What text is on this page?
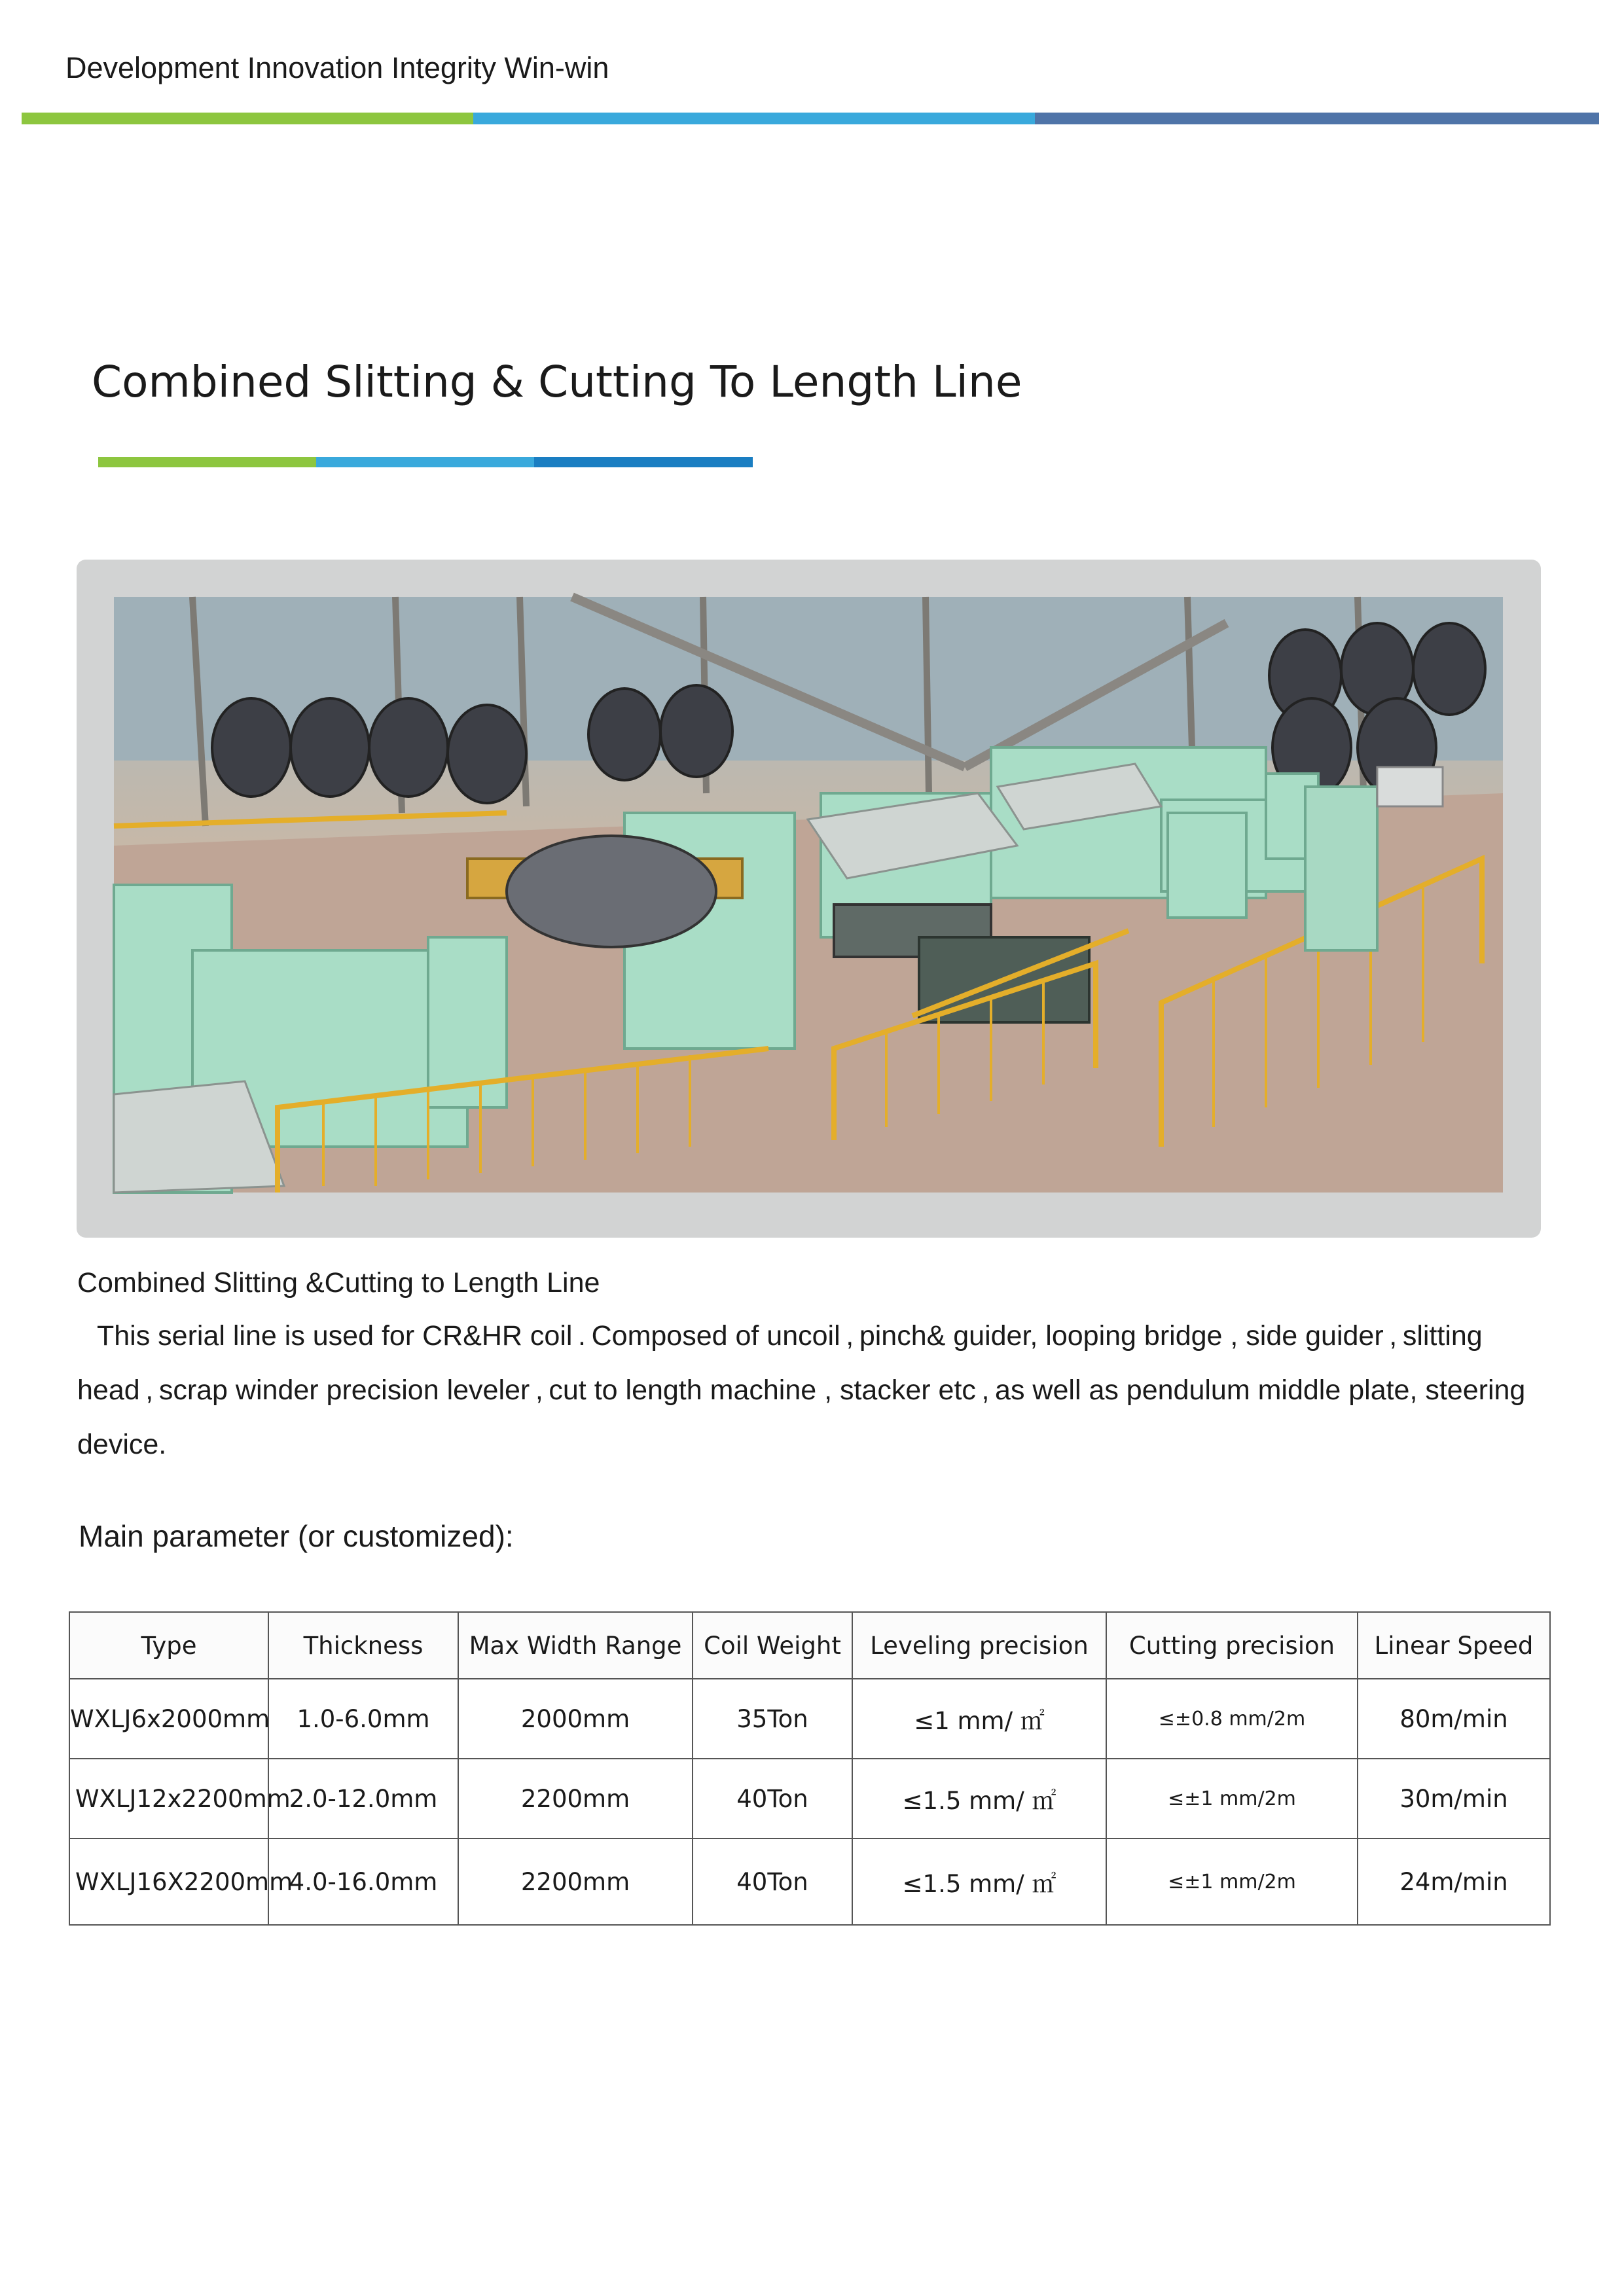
Development Innovation Integrity Win-win
Combined Slitting & Cutting To Length Line
Combined Slitting &Cutting to Length Line
This serial line is used for CR&HR coil . Composed of uncoil , pinch& guider, looping bridge , side guider , slitting head , scrap winder precision leveler , cut to length machine , stacker etc , as well as pendulum middle plate, steering device.
Main parameter (or customized):
Type	Thickness	Max Width Range	Coil Weight	Leveling precision	Cutting precision	Linear Speed
WXLJ6x2000mm	1.0-6.0mm	2000mm	35Ton	≤1 mm/ ㎡	≤±0.8 mm/2m	80m/min
WXLJ12x2200mm	2.0-12.0mm	2200mm	40Ton	≤1.5 mm/ ㎡	≤±1 mm/2m	30m/min
WXLJ16X2200mm	4.0-16.0mm	2200mm	40Ton	≤1.5 mm/ ㎡	≤±1 mm/2m	24m/min
